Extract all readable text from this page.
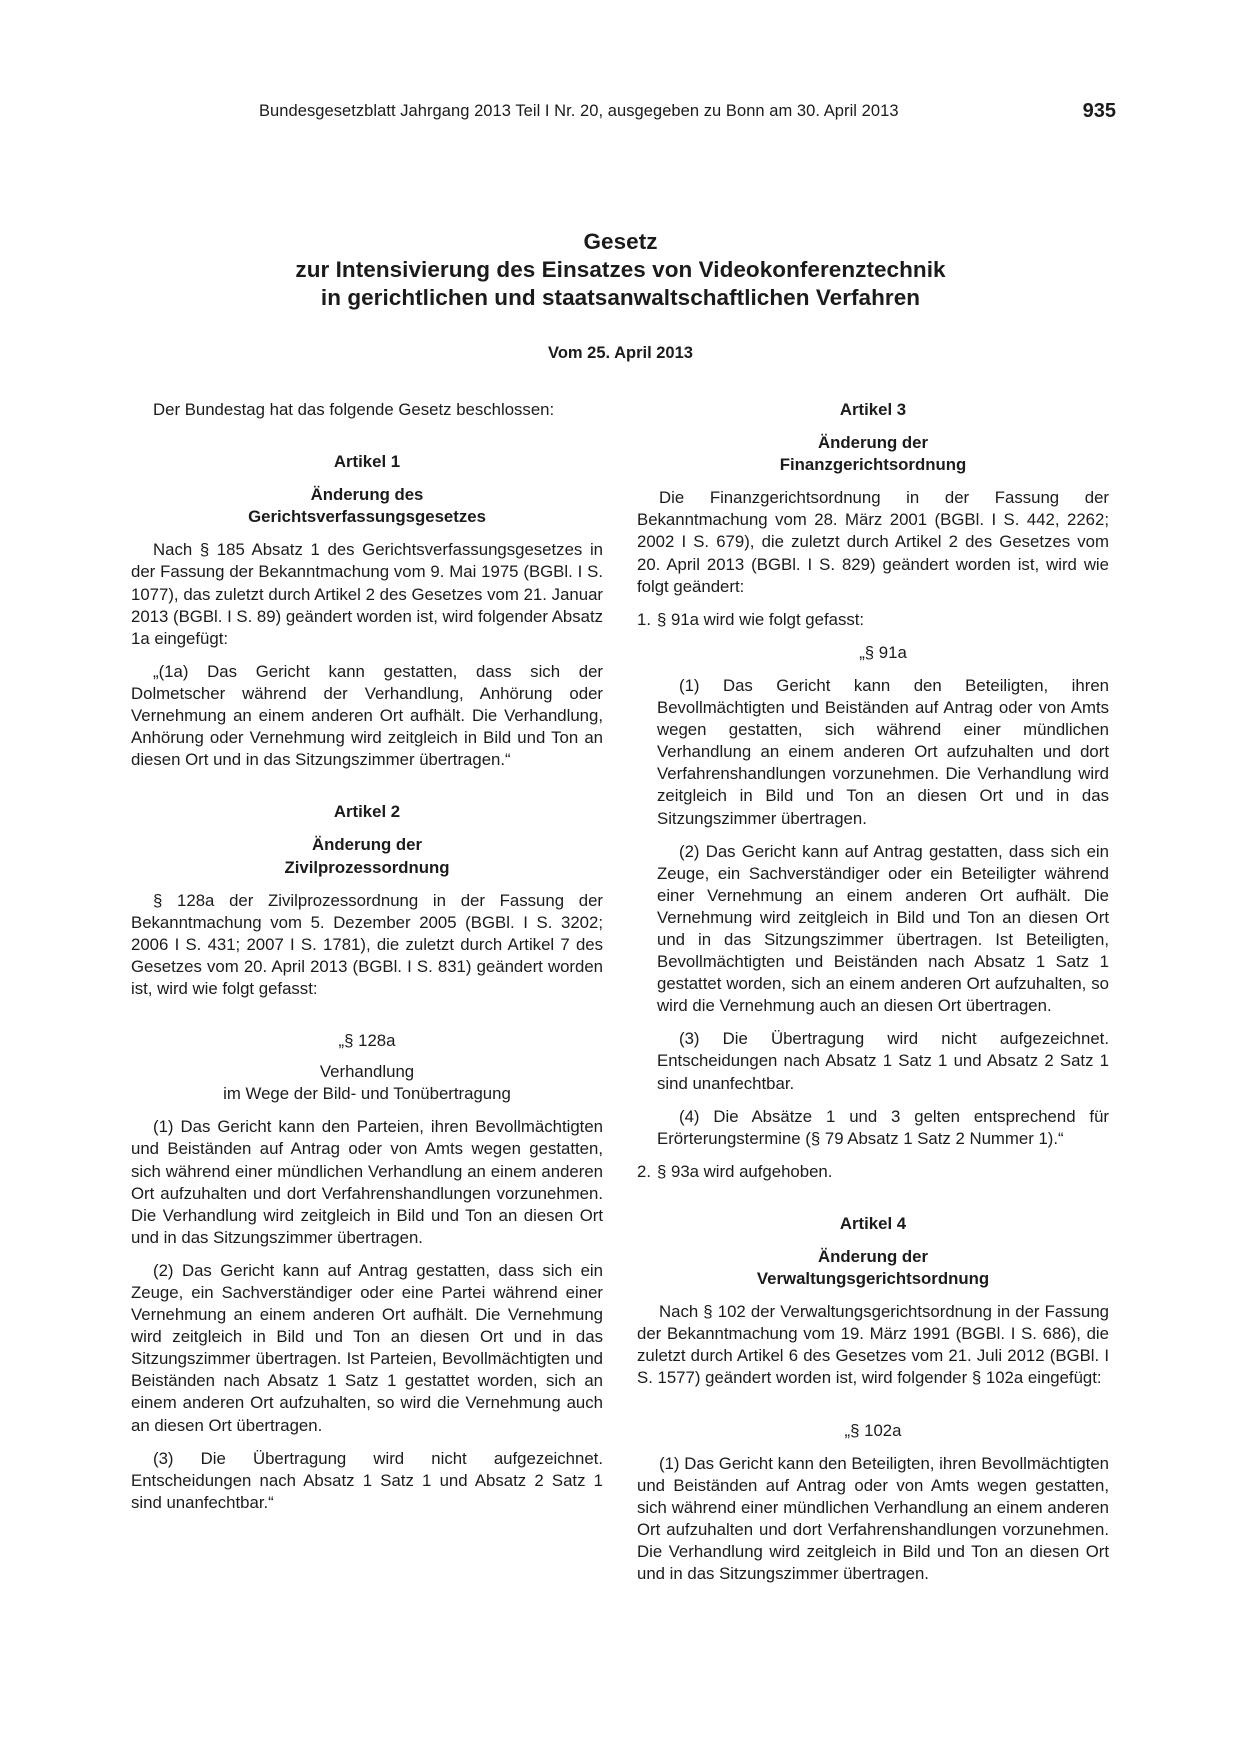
Bundesgesetzblatt Jahrgang 2013 Teil I Nr. 20, ausgegeben zu Bonn am 30. April 2013	935
Gesetz
zur Intensivierung des Einsatzes von Videokonferenztechnik
in gerichtlichen und staatsanwaltschaftlichen Verfahren
Vom 25. April 2013

Der Bundestag hat das folgende Gesetz beschlossen:

Artikel 1

Änderung des
Gerichtsverfassungsgesetzes

Nach § 185 Absatz 1 des Gerichtsverfassungsgesetzes in der Fassung der Bekanntmachung vom 9. Mai 1975 (BGBl. I S. 1077), das zuletzt durch Artikel 2 des Gesetzes vom 21. Januar 2013 (BGBl. I S. 89) geändert worden ist, wird folgender Absatz 1a eingefügt:

„(1a) Das Gericht kann gestatten, dass sich der Dolmetscher während der Verhandlung, Anhörung oder Vernehmung an einem anderen Ort aufhält. Die Verhandlung, Anhörung oder Vernehmung wird zeitgleich in Bild und Ton an diesen Ort und in das Sitzungszimmer übertragen.“

Artikel 2

Änderung der
Zivilprozessordnung

§ 128a der Zivilprozessordnung in der Fassung der Bekanntmachung vom 5. Dezember 2005 (BGBl. I S. 3202; 2006 I S. 431; 2007 I S. 1781), die zuletzt durch Artikel 7 des Gesetzes vom 20. April 2013 (BGBl. I S. 831) geändert worden ist, wird wie folgt gefasst:

„§ 128a

Verhandlung
im Wege der Bild- und Tonübertragung

(1) Das Gericht kann den Parteien, ihren Bevollmächtigten und Beiständen auf Antrag oder von Amts wegen gestatten, sich während einer mündlichen Verhandlung an einem anderen Ort aufzuhalten und dort Verfahrenshandlungen vorzunehmen. Die Verhandlung wird zeitgleich in Bild und Ton an diesen Ort und in das Sitzungszimmer übertragen.

(2) Das Gericht kann auf Antrag gestatten, dass sich ein Zeuge, ein Sachverständiger oder eine Partei während einer Vernehmung an einem anderen Ort aufhält. Die Vernehmung wird zeitgleich in Bild und Ton an diesen Ort und in das Sitzungszimmer übertragen. Ist Parteien, Bevollmächtigten und Beiständen nach Absatz 1 Satz 1 gestattet worden, sich an einem anderen Ort aufzuhalten, so wird die Vernehmung auch an diesen Ort übertragen.

(3) Die Übertragung wird nicht aufgezeichnet. Entscheidungen nach Absatz 1 Satz 1 und Absatz 2 Satz 1 sind unanfechtbar.“

Artikel 3

Änderung der
Finanzgerichtsordnung

Die Finanzgerichtsordnung in der Fassung der Bekanntmachung vom 28. März 2001 (BGBl. I S. 442, 2262; 2002 I S. 679), die zuletzt durch Artikel 2 des Gesetzes vom 20. April 2013 (BGBl. I S. 829) geändert worden ist, wird wie folgt geändert:

1. § 91a wird wie folgt gefasst:

„§ 91a

(1) Das Gericht kann den Beteiligten, ihren Bevollmächtigten und Beiständen auf Antrag oder von Amts wegen gestatten, sich während einer mündlichen Verhandlung an einem anderen Ort aufzuhalten und dort Verfahrenshandlungen vorzunehmen. Die Verhandlung wird zeitgleich in Bild und Ton an diesen Ort und in das Sitzungszimmer übertragen.

(2) Das Gericht kann auf Antrag gestatten, dass sich ein Zeuge, ein Sachverständiger oder ein Beteiligter während einer Vernehmung an einem anderen Ort aufhält. Die Vernehmung wird zeitgleich in Bild und Ton an diesen Ort und in das Sitzungszimmer übertragen. Ist Beteiligten, Bevollmächtigten und Beiständen nach Absatz 1 Satz 1 gestattet worden, sich an einem anderen Ort aufzuhalten, so wird die Vernehmung auch an diesen Ort übertragen.

(3) Die Übertragung wird nicht aufgezeichnet. Entscheidungen nach Absatz 1 Satz 1 und Absatz 2 Satz 1 sind unanfechtbar.

(4) Die Absätze 1 und 3 gelten entsprechend für Erörterungstermine (§ 79 Absatz 1 Satz 2 Nummer 1).“

2. § 93a wird aufgehoben.

Artikel 4

Änderung der
Verwaltungsgerichtsordnung

Nach § 102 der Verwaltungsgerichtsordnung in der Fassung der Bekanntmachung vom 19. März 1991 (BGBl. I S. 686), die zuletzt durch Artikel 6 des Gesetzes vom 21. Juli 2012 (BGBl. I S. 1577) geändert worden ist, wird folgender § 102a eingefügt:

„§ 102a

(1) Das Gericht kann den Beteiligten, ihren Bevollmächtigten und Beiständen auf Antrag oder von Amts wegen gestatten, sich während einer mündlichen Verhandlung an einem anderen Ort aufzuhalten und dort Verfahrenshandlungen vorzunehmen. Die Verhandlung wird zeitgleich in Bild und Ton an diesen Ort und in das Sitzungszimmer übertragen.
